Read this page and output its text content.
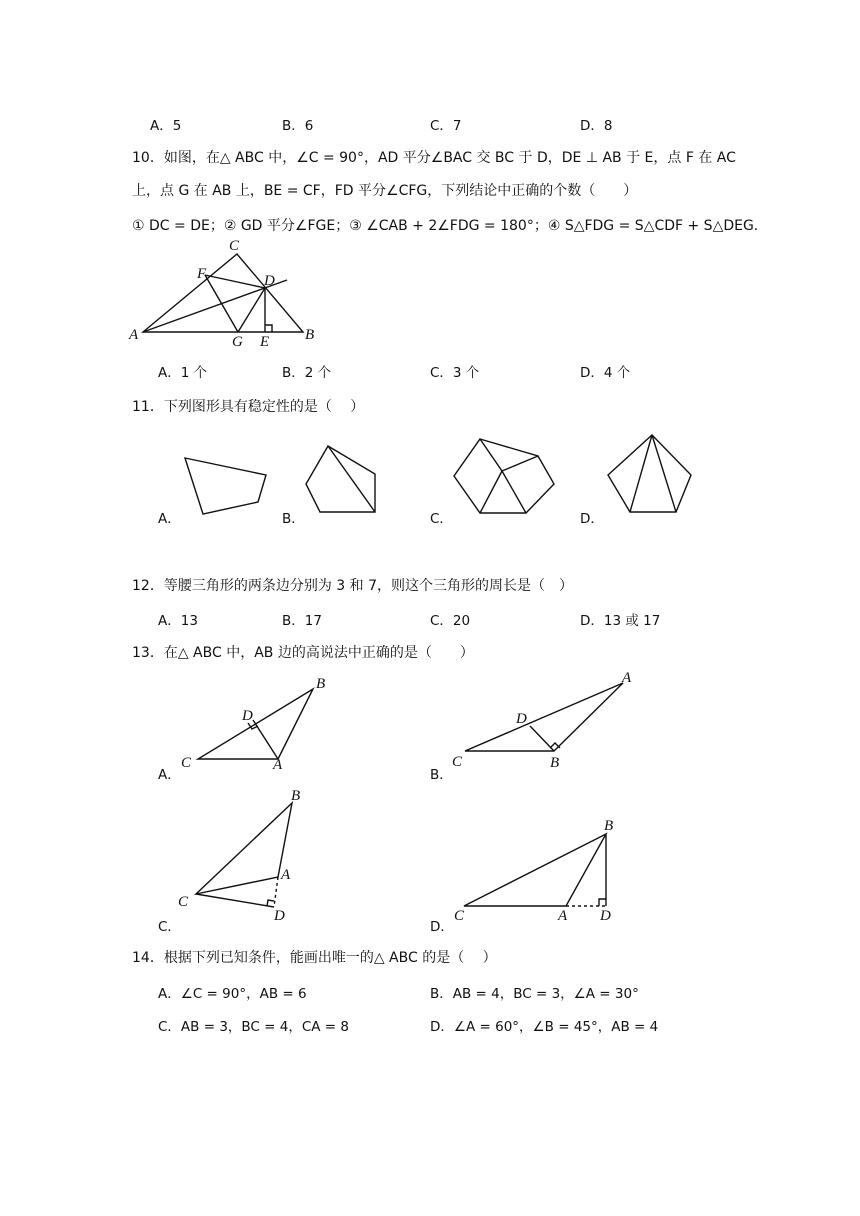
A．5	B．6	C．7	D．8
10．如图，在△ ABC 中，∠C = 90°，AD 平分∠BAC 交 BC 于 D，DE ⊥ AB 于 E，点 F 在 AC
上，点 G 在 AB 上，BE = CF，FD 平分∠CFG，下列结论中正确的个数（　　）
① DC = DE；② GD 平分∠FGE；③ ∠CAB + 2∠FDG = 180°；④ S△FDG = S△CDF + S△DEG．
C
F	D
A	G E B
A．1 个	B．2 个	C．3 个	D．4 个
11．下列图形具有稳定性的是（　 ）
A．	B．	C．	D．
12．等腰三角形的两条边分别为 3 和 7，则这个三角形的周长是（　）
A．13	B．17	C．20	D．13 或 17
13．在△ ABC 中，AB 边的高说法中正确的是（　　）
A．
B
D
C	A
B．
A
D
C	B
C．
B
A
C
D
D．
B
C	A D
14．根据下列已知条件，能画出唯一的△ ABC 的是（　 ）
A．∠C = 90°，AB = 6	B．AB = 4，BC = 3，∠A = 30°
C．AB = 3，BC = 4，CA = 8	D．∠A = 60°，∠B = 45°，AB = 4
